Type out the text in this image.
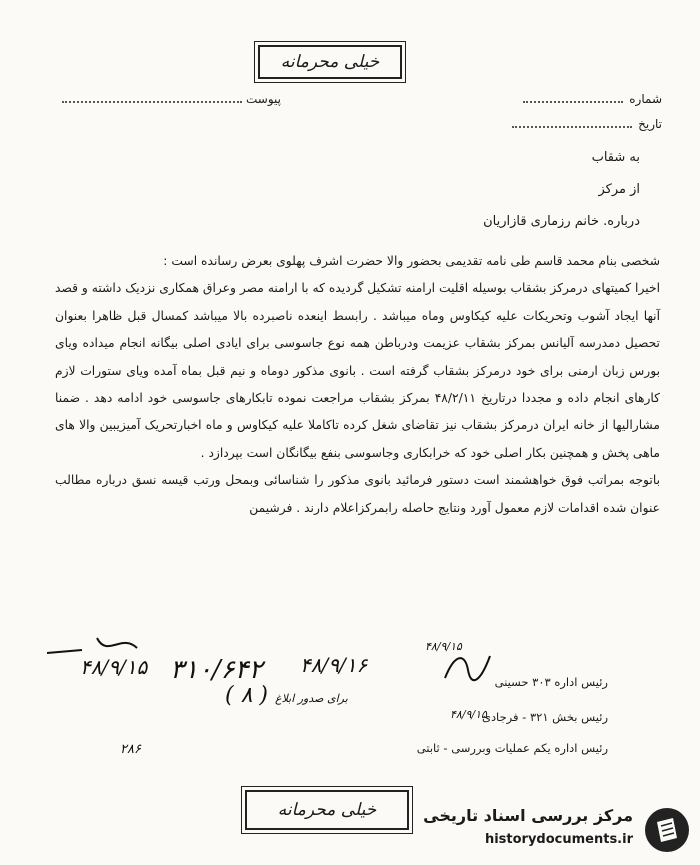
خیلی محرمانه
شماره
تاریخ
پیوست
به شقاب
از مرکز
درباره. خانم رزماری قازاریان

شخصی بنام محمد قاسم طی نامه تقدیمی بحضور والا حضرت اشرف پهلوی بعرض رسانده است :

اخیرا کمیتهای درمرکز بشقاب بوسیله اقلیت ارامنه تشکیل گردیده که با ارامنه مصر وعراق همکاری نزدیک داشته و قصد آنها ایجاد آشوب وتحریکات علیه کیکاوس وماه میباشد . رابسط اینعده ناصبرده بالا میباشد کمسال قبل ظاهرا بعنوان تحصیل دمدرسه آلیانس بمرکز بشقاب عزیمت ودرباطن همه نوع جاسوسی برای ایادی اصلی بیگانه انجام میداده ویای بورس زبان ارمنی برای خود درمرکز بشقاب گرفته است . بانوی مذکور دوماه و نیم قبل بماه آمده ویای ستورات لازم کارهای انجام داده و مجددا درتاریخ ۴۸/۲/۱۱ بمرکز بشقاب مراجعت نموده تابکارهای جاسوسی خود ادامه دهد . ضمنا مشارالیها از خانه ایران درمرکز بشقاب نیز تقاضای شغل کرده تاکاملا علیه کیکاوس و ماه اخبارتحریک آمیزیبین والا های ماهی پخش و همچنین بکار اصلی خود که خرابکاری وجاسوسی بنفع بیگانگان است بپردازد .

باتوجه بمراتب فوق خواهشمند است دستور فرمائید بانوی مذکور را شناسائی وبمحل ورتب قیسه نسق درباره مطالب عنوان شده اقدامات لازم معمول آورد ونتایج حاصله رابمرکزاعلام دارند . فرشیمن

رئیس اداره ۳۰۳ حسینی
رئیس بخش ۳۲۱ - فرجادی
رئیس اداره یکم عملیات وبررسی - ثابتی
۴۸/۹/۱۵
۳۱۰/۶۴۲ ۴۸/۹/۱۶
( ۸ ) برای صدور ابلاغ
۴۸/۹/۱۵
۴۸/۹/۱۵
۲۸۶
خیلی محرمانه	مرکز بررسی اسناد تاریخی
historydocuments.ir
